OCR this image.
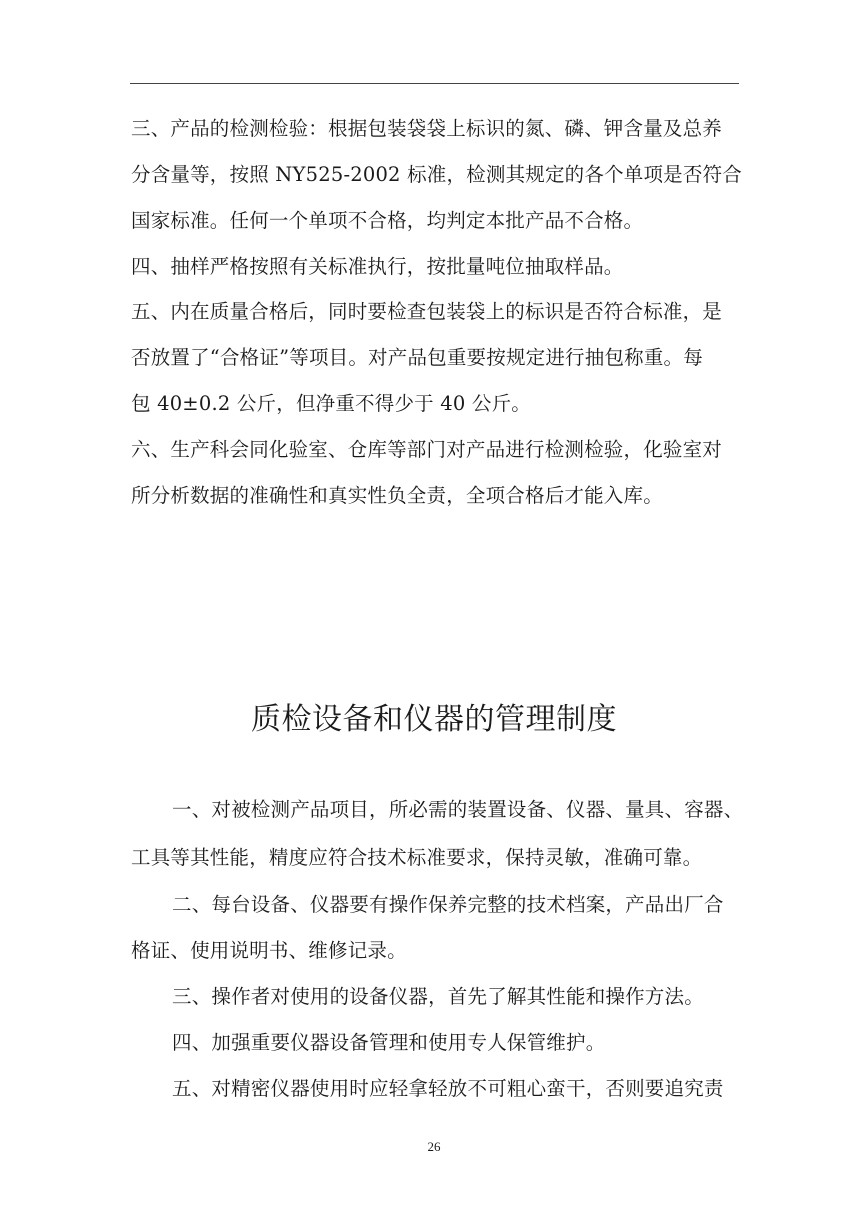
三、产品的检测检验：根据包装袋袋上标识的氮、磷、钾含量及总养
分含量等，按照 NY525-2002 标准，检测其规定的各个单项是否符合
国家标准。任何一个单项不合格，均判定本批产品不合格。
四、抽样严格按照有关标准执行，按批量吨位抽取样品。
五、内在质量合格后，同时要检查包装袋上的标识是否符合标准，是
否放置了“合格证”等项目。对产品包重要按规定进行抽包称重。每
包 40±0.2 公斤，但净重不得少于 40 公斤。
六、生产科会同化验室、仓库等部门对产品进行检测检验，化验室对
所分析数据的准确性和真实性负全责，全项合格后才能入库。
质检设备和仪器的管理制度
一、对被检测产品项目，所必需的装置设备、仪器、量具、容器、
工具等其性能，精度应符合技术标准要求，保持灵敏，准确可靠。
二、每台设备、仪器要有操作保养完整的技术档案，产品出厂合
格证、使用说明书、维修记录。
三、操作者对使用的设备仪器，首先了解其性能和操作方法。
四、加强重要仪器设备管理和使用专人保管维护。
五、对精密仪器使用时应轻拿轻放不可粗心蛮干，否则要追究责
26
